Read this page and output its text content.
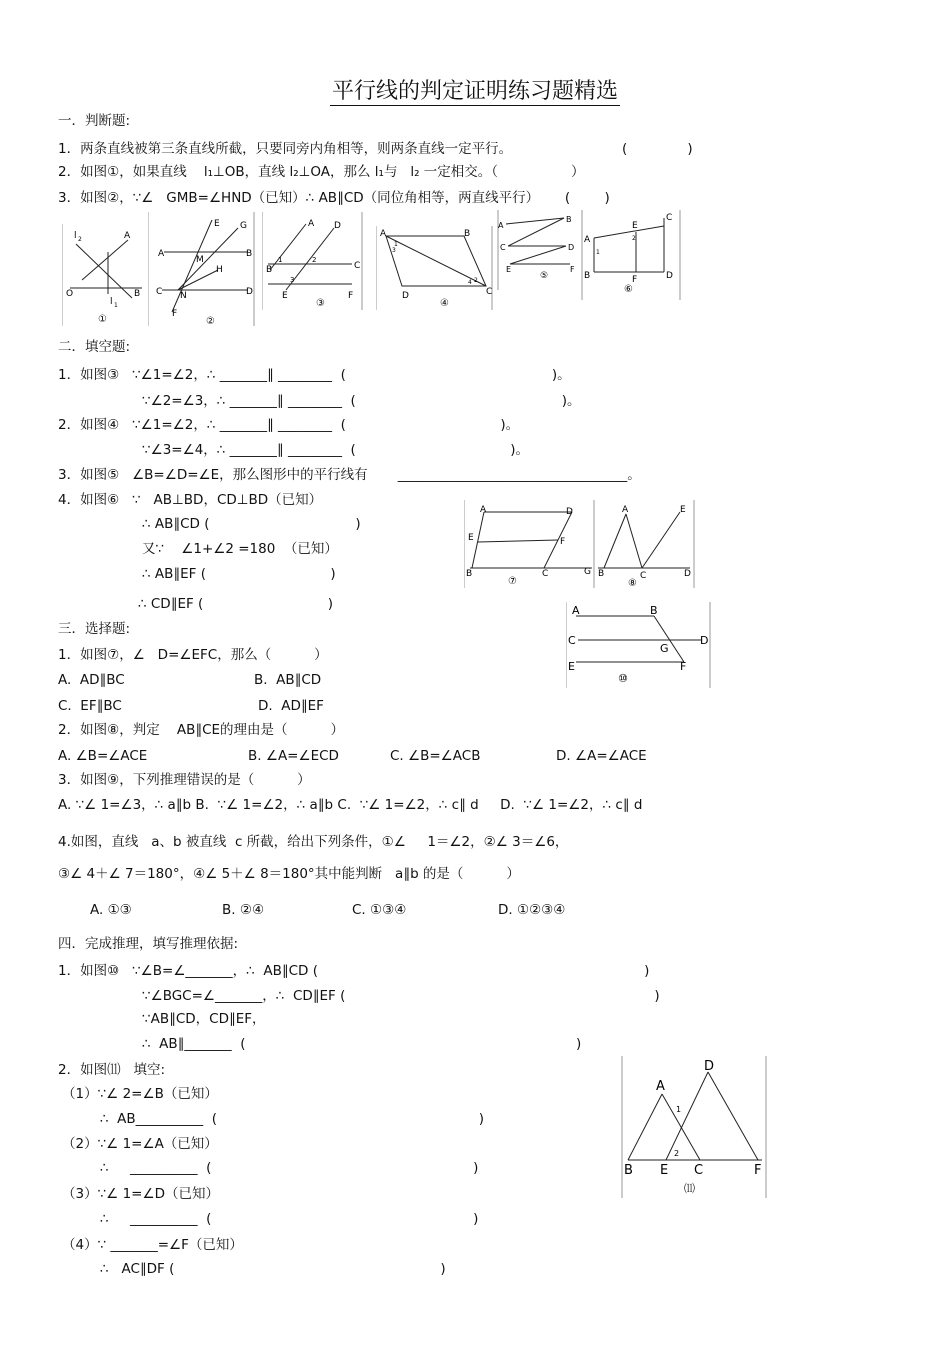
平行线的判定证明练习题精选
一．判断题:
1．两条直线被第三条直线所截，只要同旁内角相等，则两条直线一定平行。	(              )
2．如图①，如果直线    l₁⊥OB，直线 l₂⊥OA，那么 l₁与   l₂ 一定相交。（                 ）
3．如图②，∵∠   GMB=∠HND（已知）∴ AB∥CD（同位角相等，两直线平行）      (        )
l 2	A
O	B
l 1
①
E G
A
M
B
H
C N	D
F
②
A D
B
1	2
C
3
E	F
③
A	B
1
3
4 2
D	C
④
A
B
C	D
E	F
⑤
E
C
A
1
2
B	F	D
⑥
二．填空题:
1．如图③   ∵∠1=∠2，∴ _______∥ ________  (                                                )。
∵∠2=∠3，∴ _______∥ ________  (                                                )。
2．如图④   ∵∠1=∠2，∴ _______∥ ________  (                                    )。
∵∠3=∠4，∴ _______∥ ________  (                                    )。
3．如图⑤   ∠B=∠D=∠E，那么图形中的平行线有       __________________________________。
4．如图⑥   ∵   AB⊥BD，CD⊥BD（已知）
∴ AB∥CD (                                  )
又∵    ∠1+∠2 =180  （已知）
∴ AB∥EF (                             )
∴ CD∥EF (                             )
A	D
E	F
B	C	G
⑦
A	E
B	C	D
⑧
A	B
C	D
G
E	F
⑩
三．选择题:
1．如图⑦，∠   D=∠EFC，那么（          ）
A.  AD∥BC	B.  AB∥CD
C.  EF∥BC	D.  AD∥EF
2．如图⑧，判定    AB∥CE的理由是（          ）
A. ∠B=∠ACE	B. ∠A=∠ECD	C. ∠B=∠ACB	D. ∠A=∠ACE
3．如图⑨，下列推理错误的是（          ）
A. ∵∠ 1=∠3，∴ a∥b B.  ∵∠ 1=∠2，∴ a∥b C.  ∵∠ 1=∠2，∴ c∥ d     D.  ∵∠ 1=∠2，∴ c∥ d
4.如图，直线   a、b 被直线  c 所截，给出下列条件，①∠     1＝∠2，②∠ 3＝∠6，
③∠ 4＋∠ 7＝180°，④∠ 5＋∠ 8＝180°其中能判断   a∥b 的是（          ）
A. ①③	B. ②④	C. ①③④	D. ①②③④
四．完成推理，填写推理依据:
1．如图⑩   ∵∠B=∠_______，∴  AB∥CD (                                                                            )
∵∠BGC=∠_______，∴  CD∥EF (                                                                        )
∵AB∥CD，CD∥EF，
∴  AB∥_______  (                                                                             )
2．如图⑾   填空:
（1）∵∠ 2=∠B（已知）
∴  AB__________  (                                                             )
（2）∵∠ 1=∠A（已知）
∴     __________  (                                                             )
（3）∵∠ 1=∠D（已知）
∴     __________  (                                                             )
（4）∵ _______=∠F（已知）
∴   AC∥DF (                                                              )
A
D
1
2
B E C	F
⑾
